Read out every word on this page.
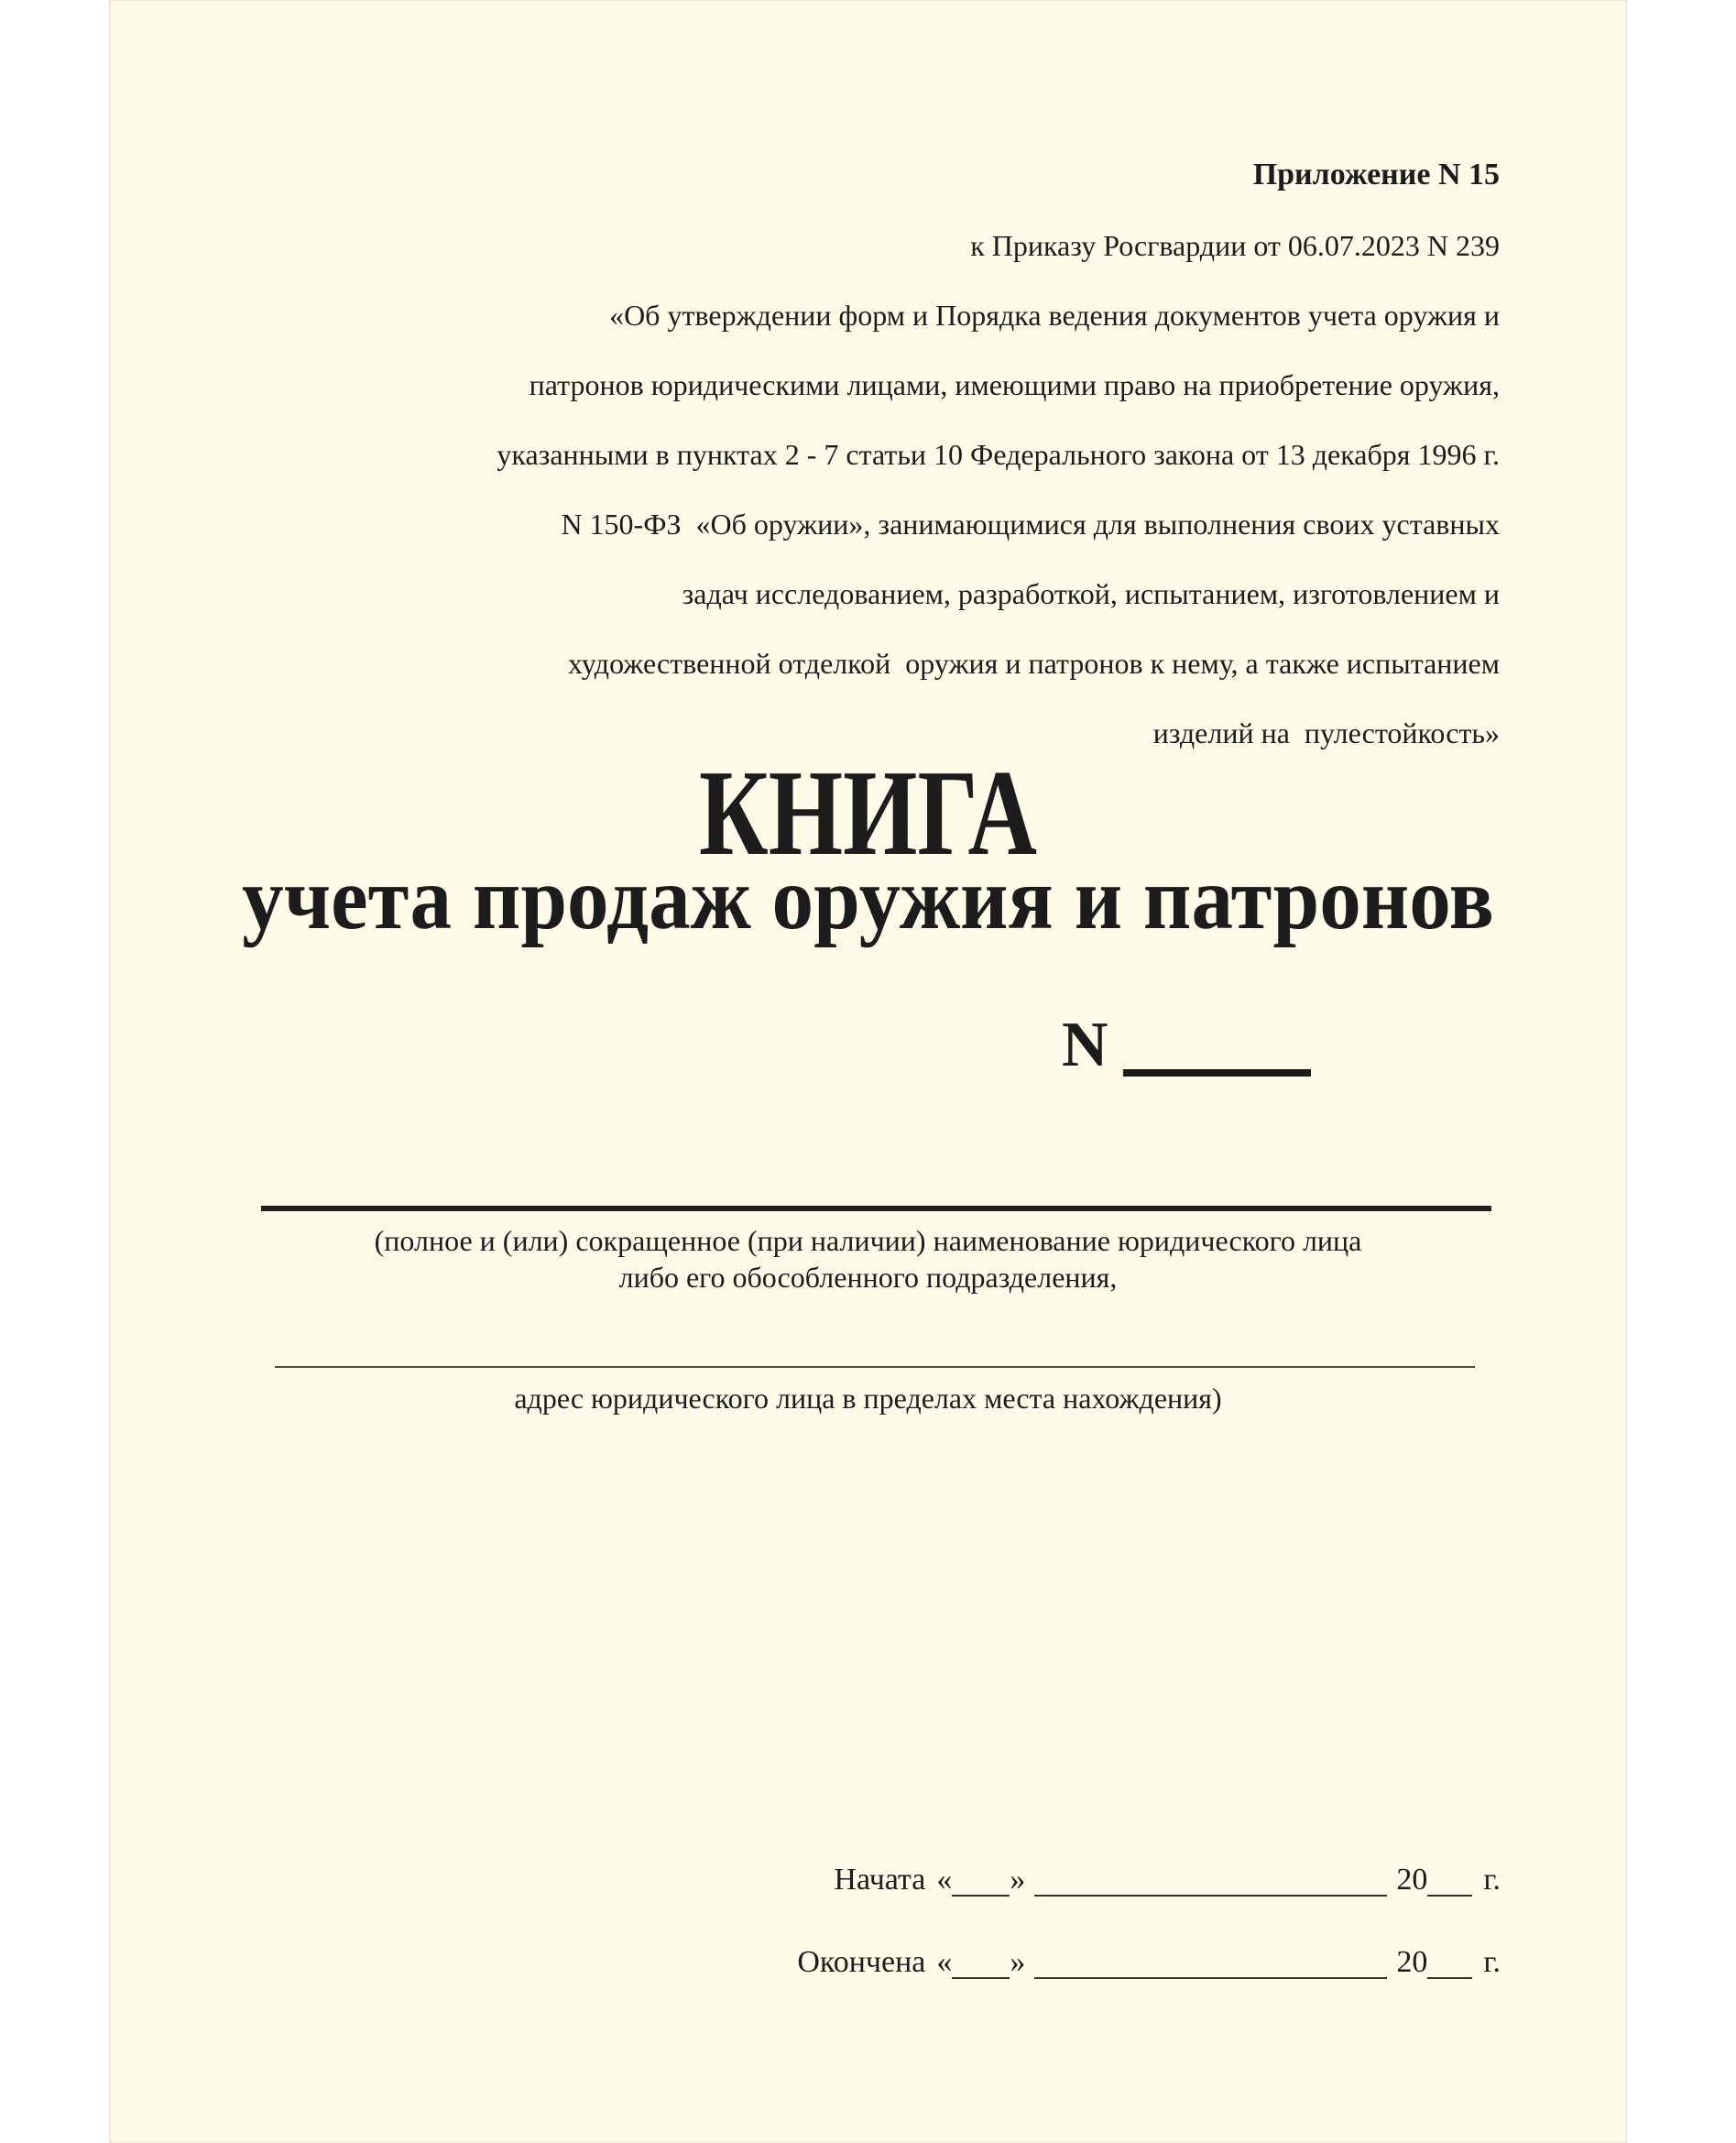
Приложение N 15

к Приказу Росгвардии от 06.07.2023 N 239

«Об утверждении форм и Порядка ведения документов учета оружия и

патронов юридическими лицами, имеющими право на приобретение оружия,

указанными в пунктах 2 - 7 статьи 10 Федерального закона от 13 декабря 1996 г.

N 150-ФЗ  «Об оружии», занимающимися для выполнения своих уставных

задач исследованием, разработкой, испытанием, изготовлением и

художественной отделкой  оружия и патронов к нему, а также испытанием

изделий на  пулестойкость»

КНИГА
учета продаж оружия и патронов
N
(полное и (или) сокращенное (при наличии) наименование юридического лица
либо его обособленного подразделения,
адрес юридического лица в пределах места нахождения)
Начата « »	20 г.
Окончена « »	20 г.
